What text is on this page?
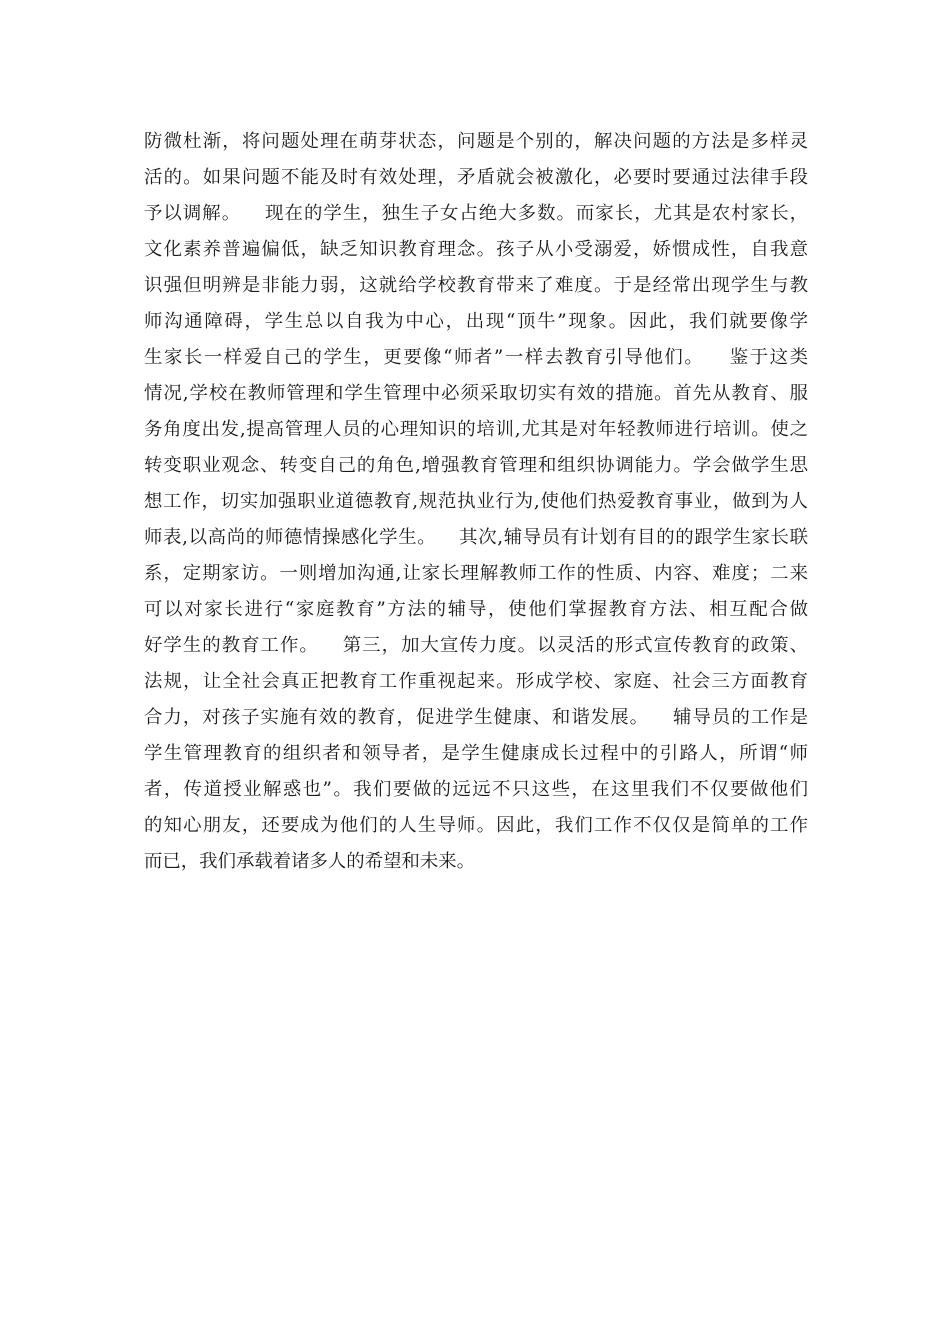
防微杜渐，将问题处理在萌芽状态，问题是个别的，解决问题的方法是多样灵
活的。如果问题不能及时有效处理，矛盾就会被激化，必要时要通过法律手段
予以调解。　  现在的学生，独生子女占绝大多数。而家长，尤其是农村家长，
文化素养普遍偏低，缺乏知识教育理念。孩子从小受溺爱，娇惯成性，自我意
识强但明辨是非能力弱，这就给学校教育带来了难度。于是经常出现学生与教
师沟通障碍，学生总以自我为中心，出现“顶牛”现象。因此，我们就要像学
生家长一样爱自己的学生，更要像“师者”一样去教育引导他们。　  鉴于这类
情况,学校在教师管理和学生管理中必须采取切实有效的措施。首先从教育、服
务角度出发,提高管理人员的心理知识的培训,尤其是对年轻教师进行培训。使之
转变职业观念、转变自己的角色,增强教育管理和组织协调能力。学会做学生思
想工作，切实加强职业道德教育,规范执业行为,使他们热爱教育事业，做到为人
师表,以高尚的师德情操感化学生。　  其次,辅导员有计划有目的的跟学生家长联
系，定期家访。一则增加沟通,让家长理解教师工作的性质、内容、难度；二来
可以对家长进行“家庭教育”方法的辅导，使他们掌握教育方法、相互配合做
好学生的教育工作。　  第三，加大宣传力度。以灵活的形式宣传教育的政策、
法规，让全社会真正把教育工作重视起来。形成学校、家庭、社会三方面教育
合力，对孩子实施有效的教育，促进学生健康、和谐发展。　  辅导员的工作是
学生管理教育的组织者和领导者，是学生健康成长过程中的引路人，所谓“师
者，传道授业解惑也”。我们要做的远远不只这些，在这里我们不仅要做他们
的知心朋友，还要成为他们的人生导师。因此，我们工作不仅仅是简单的工作
而已，我们承载着诸多人的希望和未来。
